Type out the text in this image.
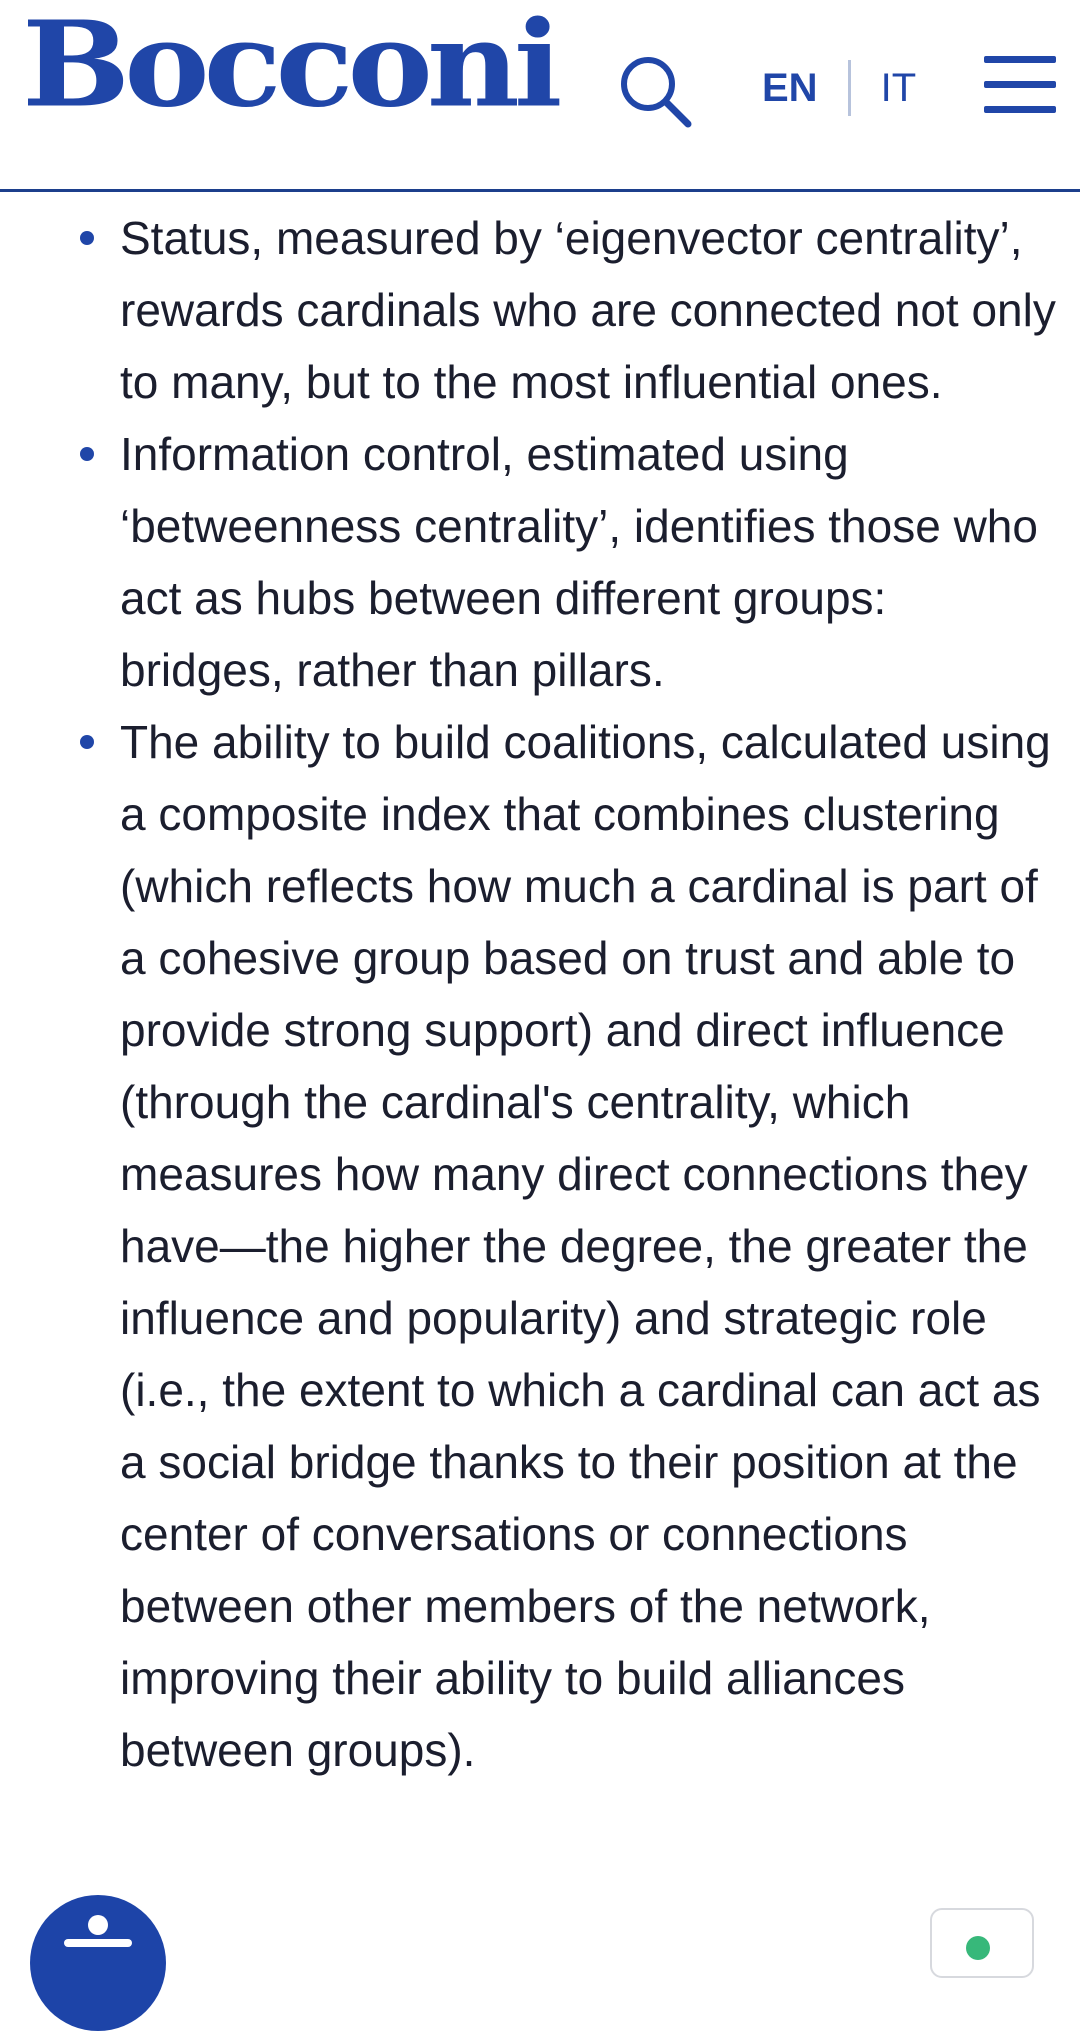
Bocconi	EN IT
Status, measured by ‘eigenvector centrality’, rewards cardinals who are connected not only to many, but to the most influential ones.
Information control, estimated using ‘betweenness centrality’, identifies those who act as hubs between different groups: bridges, rather than pillars.
The ability to build coalitions, calculated using a composite index that combines clustering (which reflects how much a cardinal is part of a cohesive group based on trust and able to provide strong support) and direct influence (through the cardinal's centrality, which measures how many direct connections they have—the higher the degree, the greater the influence and popularity) and strategic role (i.e., the extent to which a cardinal can act as a social bridge thanks to their position at the center of conversations or connections between other members of the network, improving their ability to build alliances between groups).
